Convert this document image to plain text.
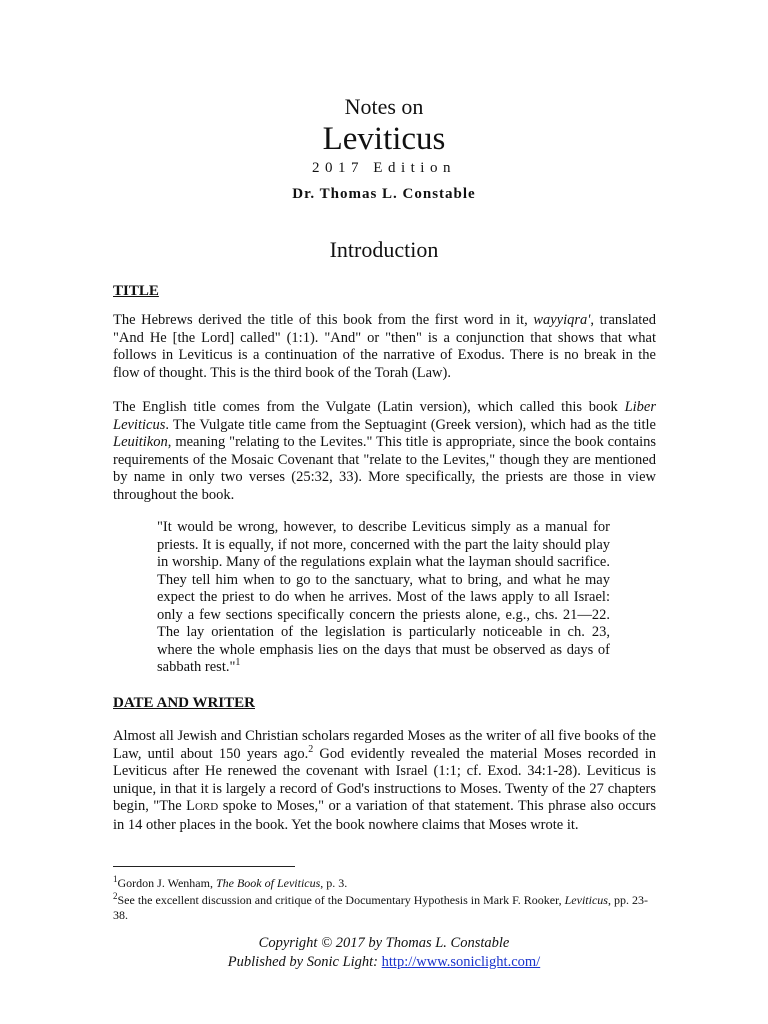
Notes on
Leviticus
2017 Edition
Dr. Thomas L. Constable
Introduction
TITLE

The Hebrews derived the title of this book from the first word in it, wayyiqra', translated "And He [the Lord] called" (1:1). "And" or "then" is a conjunction that shows that what follows in Leviticus is a continuation of the narrative of Exodus. There is no break in the flow of thought. This is the third book of the Torah (Law).

The English title comes from the Vulgate (Latin version), which called this book Liber Leviticus. The Vulgate title came from the Septuagint (Greek version), which had as the title Leuitikon, meaning "relating to the Levites." This title is appropriate, since the book contains requirements of the Mosaic Covenant that "relate to the Levites," though they are mentioned by name in only two verses (25:32, 33). More specifically, the priests are those in view throughout the book.

"It would be wrong, however, to describe Leviticus simply as a manual for priests. It is equally, if not more, concerned with the part the laity should play in worship. Many of the regulations explain what the layman should sacrifice. They tell him when to go to the sanctuary, what to bring, and what he may expect the priest to do when he arrives. Most of the laws apply to all Israel: only a few sections specifically concern the priests alone, e.g., chs. 21—22. The lay orientation of the legislation is particularly noticeable in ch. 23, where the whole emphasis lies on the days that must be observed as days of sabbath rest."$^1$

DATE AND WRITER

Almost all Jewish and Christian scholars regarded Moses as the writer of all five books of the Law, until about 150 years ago.$^2$ God evidently revealed the material Moses recorded in Leviticus after He renewed the covenant with Israel (1:1; cf. Exod. 34:1-28). Leviticus is unique, in that it is largely a record of God's instructions to Moses. Twenty of the 27 chapters begin, "The LORD spoke to Moses," or a variation of that statement. This phrase also occurs in 14 other places in the book. Yet the book nowhere claims that Moses wrote it.

$^1$Gordon J. Wenham, The Book of Leviticus, p. 3.

$^2$See the excellent discussion and critique of the Documentary Hypothesis in Mark F. Rooker, Leviticus, pp. 23-38.

Copyright © 2017 by Thomas L. Constable

Published by Sonic Light: http://www.soniclight.com/
